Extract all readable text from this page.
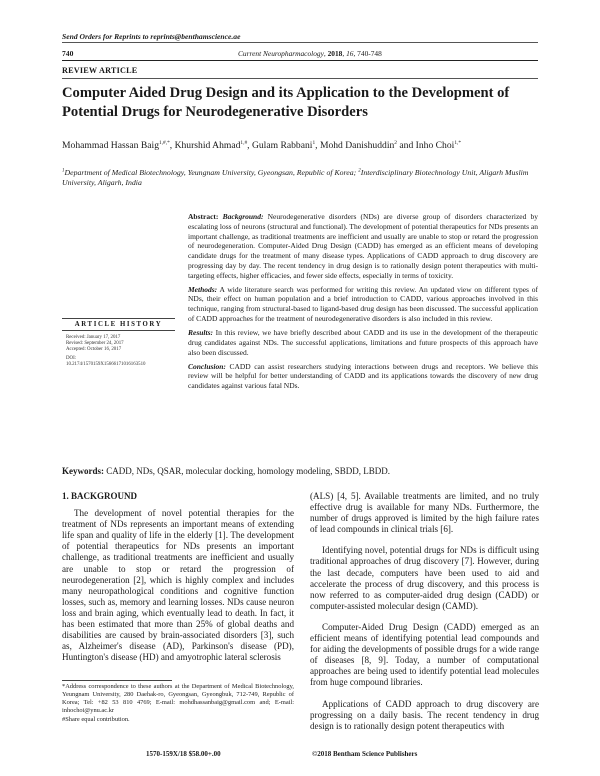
Send Orders for Reprints to reprints@benthamscience.ae
740	Current Neuropharmacology, 2018, 16, 740-748
REVIEW ARTICLE
Computer Aided Drug Design and its Application to the Development of Potential Drugs for Neurodegenerative Disorders
Mohammad Hassan Baig$^{1,\#,*}$, Khurshid Ahmad$^{1,\#}$, Gulam Rabbani$^1$, Mohd Danishuddin$^2$ and Inho Choi$^{1,*}$
$^1$Department of Medical Biotechnology, Yeungnam University, Gyeongsan, Republic of Korea; $^2$Interdisciplinary Biotechnology Unit, Aligarh Muslim University, Aligarh, India
ARTICLE HISTORY
Received: January 17, 2017
Revised: September 24, 2017
Accepted: October 16, 2017
DOI:
10.2174/1570159X15666171016163510

Abstract: Background: Neurodegenerative disorders (NDs) are diverse group of disorders characterized by escalating loss of neurons (structural and functional). The development of potential therapeutics for NDs presents an important challenge, as traditional treatments are inefficient and usually are unable to stop or retard the progression of neurodegeneration. Computer-Aided Drug Design (CADD) has emerged as an efficient means of developing candidate drugs for the treatment of many disease types. Applications of CADD approach to drug discovery are progressing day by day. The recent tendency in drug design is to rationally design potent therapeutics with multi-targeting effects, higher efficacies, and fewer side effects, especially in terms of toxicity.

Methods: A wide literature search was performed for writing this review. An updated view on different types of NDs, their effect on human population and a brief introduction to CADD, various approaches involved in this technique, ranging from structural-based to ligand-based drug design has been discussed. The successful application of CADD approaches for the treatment of neurodegenerative disorders is also included in this review.

Results: In this review, we have briefly described about CADD and its use in the development of the therapeutic drug candidates against NDs. The successful applications, limitations and future prospects of this approach have also been discussed.

Conclusion: CADD can assist researchers studying interactions between drugs and receptors. We believe this review will be helpful for better understanding of CADD and its applications towards the discovery of new drug candidates against various fatal NDs.

Keywords: CADD, NDs, QSAR, molecular docking, homology modeling, SBDD, LBDD.
1. BACKGROUND

The development of novel potential therapies for the treatment of NDs represents an important means of extending life span and quality of life in the elderly [1]. The development of potential therapeutics for NDs presents an important challenge, as traditional treatments are inefficient and usually are unable to stop or retard the progression of neurodegeneration [2], which is highly complex and includes many neuropathological conditions and cognitive function losses, such as, memory and learning losses. NDs cause neuron loss and brain aging, which eventually lead to death. In fact, it has been estimated that more than 25% of global deaths and disabilities are caused by brain-associated disorders [3], such as, Alzheimer's disease (AD), Parkinson's disease (PD), Huntington's disease (HD) and amyotrophic lateral sclerosis

(ALS) [4, 5]. Available treatments are limited, and no truly effective drug is available for many NDs. Furthermore, the number of drugs approved is limited by the high failure rates of lead compounds in clinical trials [6].

Identifying novel, potential drugs for NDs is difficult using traditional approaches of drug discovery [7]. However, during the last decade, computers have been used to aid and accelerate the process of drug discovery, and this process is now referred to as computer-aided drug design (CADD) or computer-assisted molecular design (CAMD).

Computer-Aided Drug Design (CADD) emerged as an efficient means of identifying potential lead compounds and for aiding the developments of possible drugs for a wide range of diseases [8, 9]. Today, a number of computational approaches are being used to identify potential lead molecules from huge compound libraries.

Applications of CADD approach to drug discovery are progressing on a daily basis. The recent tendency in drug design is to rationally design potent therapeutics with

*Address correspondence to these authors at the Department of Medical Biotechnology, Yeungnam University, 280 Daehak-ro, Gyeongsan, Gyeongbuk, 712-749, Republic of Korea; Tel: +82 53 810 4769; E-mail: mohdhassanbaig@gmail.com and; E-mail: inhochoi@ynu.ac.kr

#Share equal contribution.

1570-159X/18 $58.00+.00	©2018 Bentham Science Publishers
